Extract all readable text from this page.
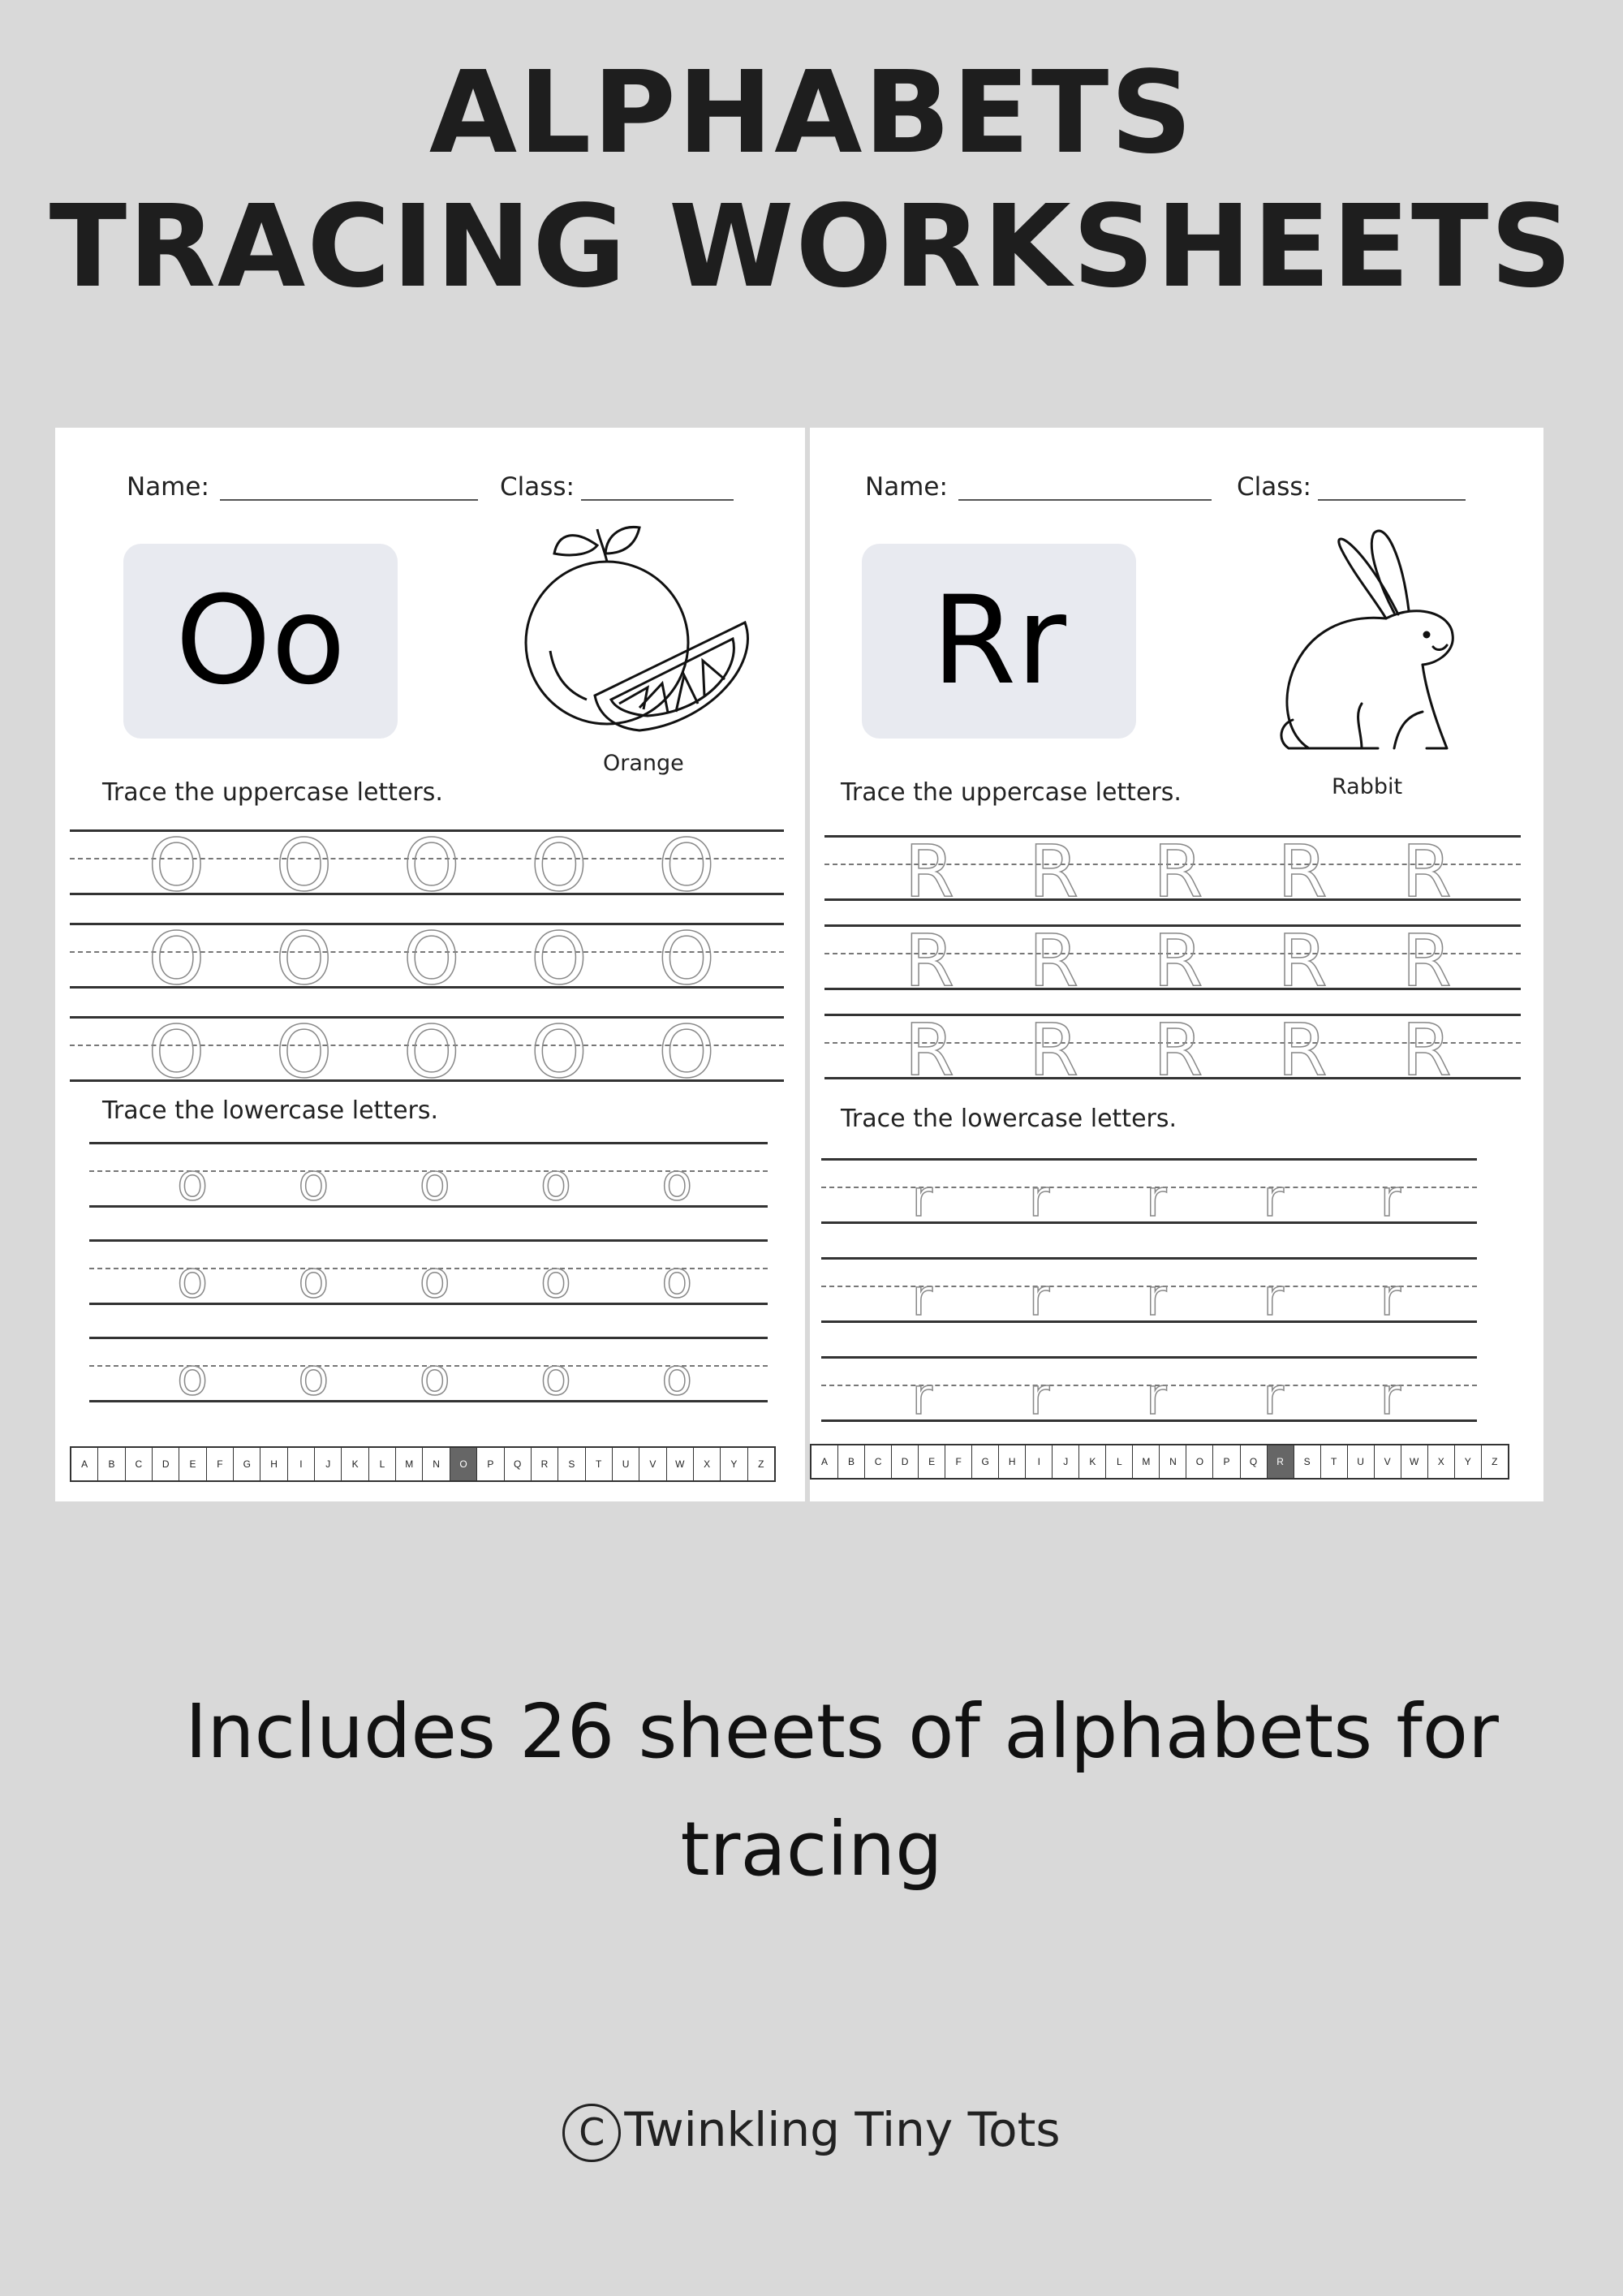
ALPHABETS
TRACING WORKSHEETS
Name:	Class:
Oo
Orange
Trace the uppercase letters.
Trace the lowercase letters.
A	B	C	D	E	F	G	H	I	J	K	L	M	N	O	P	Q	R	S	T	U	V	W	X	Y	Z
O O O O O
O O O O O
O O O O O
o	o	o	o	o
o	o	o	o	o
o	o	o	o	o
Name:	Class:
Rr
Rabbit
Trace the uppercase letters.
Trace the lowercase letters.
A	B	C	D	E	F	G	H	I	J	K	L	M	N	O	P	Q	R	S	T	U	V	W	X	Y	Z
R R R R R
R R R R R
R R R R R
r	r	r	r	r
r	r	r	r	r
r	r	r	r	r
Includes 26 sheets of alphabets for
tracing
C Twinkling Tiny Tots
